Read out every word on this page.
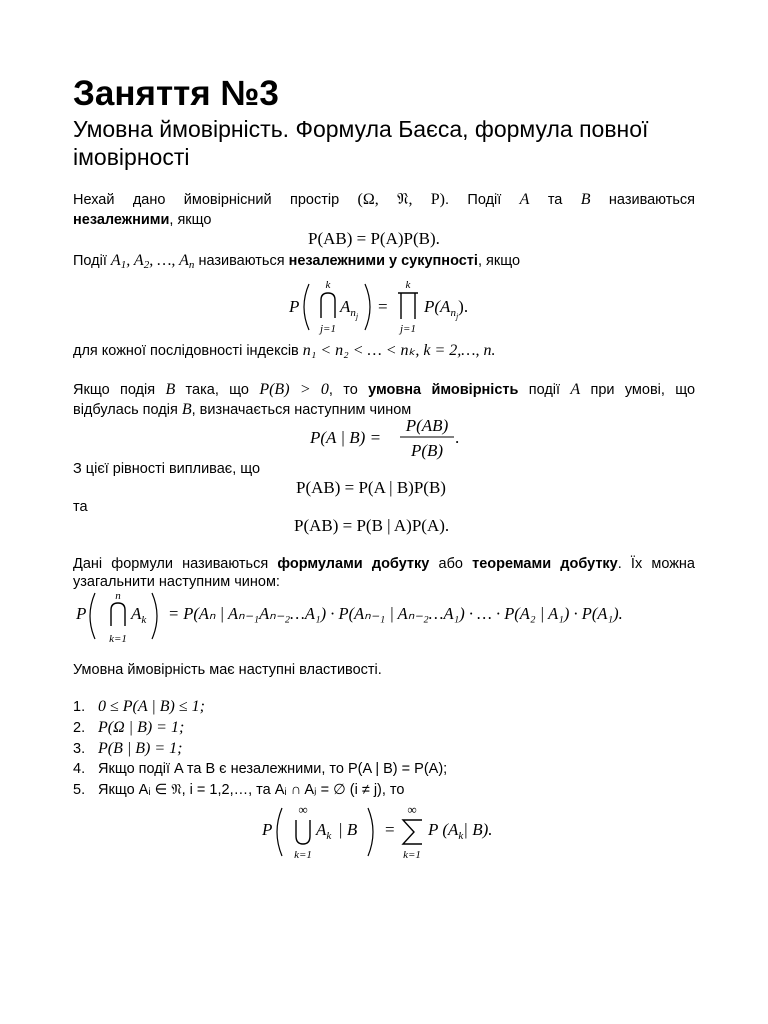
Заняття №3
Умовна ймовірність. Формула Баєса, формула повної імовірності
Нехай дано ймовірнісний простір (Ω, 𝔑, P). Події A та B називаються
незалежними, якщо
P(AB) = P(A)P(B).
Події $A_1$, $A_2$, …, $A_n$ називаються незалежними у сукупності, якщо
P
k
j=1
$A_nj$
=
k
j=1
$P(A_nj)$.
для кожної послідовності індексів n₁ < n₂ < … < nₖ, k = 2,…, n.
Якщо подія B така, що P(B) > 0, то умовна ймовірність події A при умові, що
відбулась подія B, визначається наступним чином
P(A | B) =
P(AB)
P(B)
.
З цієї рівності випливає, що
P(AB) = P(A | B)P(B)
та
P(AB) = P(B | A)P(A).
Дані формули називаються формулами добутку або теоремами добутку. Їх можна
узагальнити наступним чином:
P
n
k=1
$A_k = P(A_n$ | Aₙ₋₁Aₙ₋₂…A₁) · P(Aₙ₋₁ | Aₙ₋₂…A₁) · … · P(A₂ | A₁) · P(A₁).
Умовна ймовірність має наступні властивості.
1. 0 ≤ P(A | B) ≤ 1;
2. P(Ω | B) = 1;
3. P(B | B) = 1;
4. Якщо події A та B є незалежними, то P(A | B) = P(A);
5. Якщо Aᵢ ∈ 𝔑, i = 1,2,…, та Aᵢ ∩ Aⱼ = ∅ (i ≠ j), то
P
∞
k=1
$A_k$ | B =
∞
k=1
P ($A_k|$ B).
